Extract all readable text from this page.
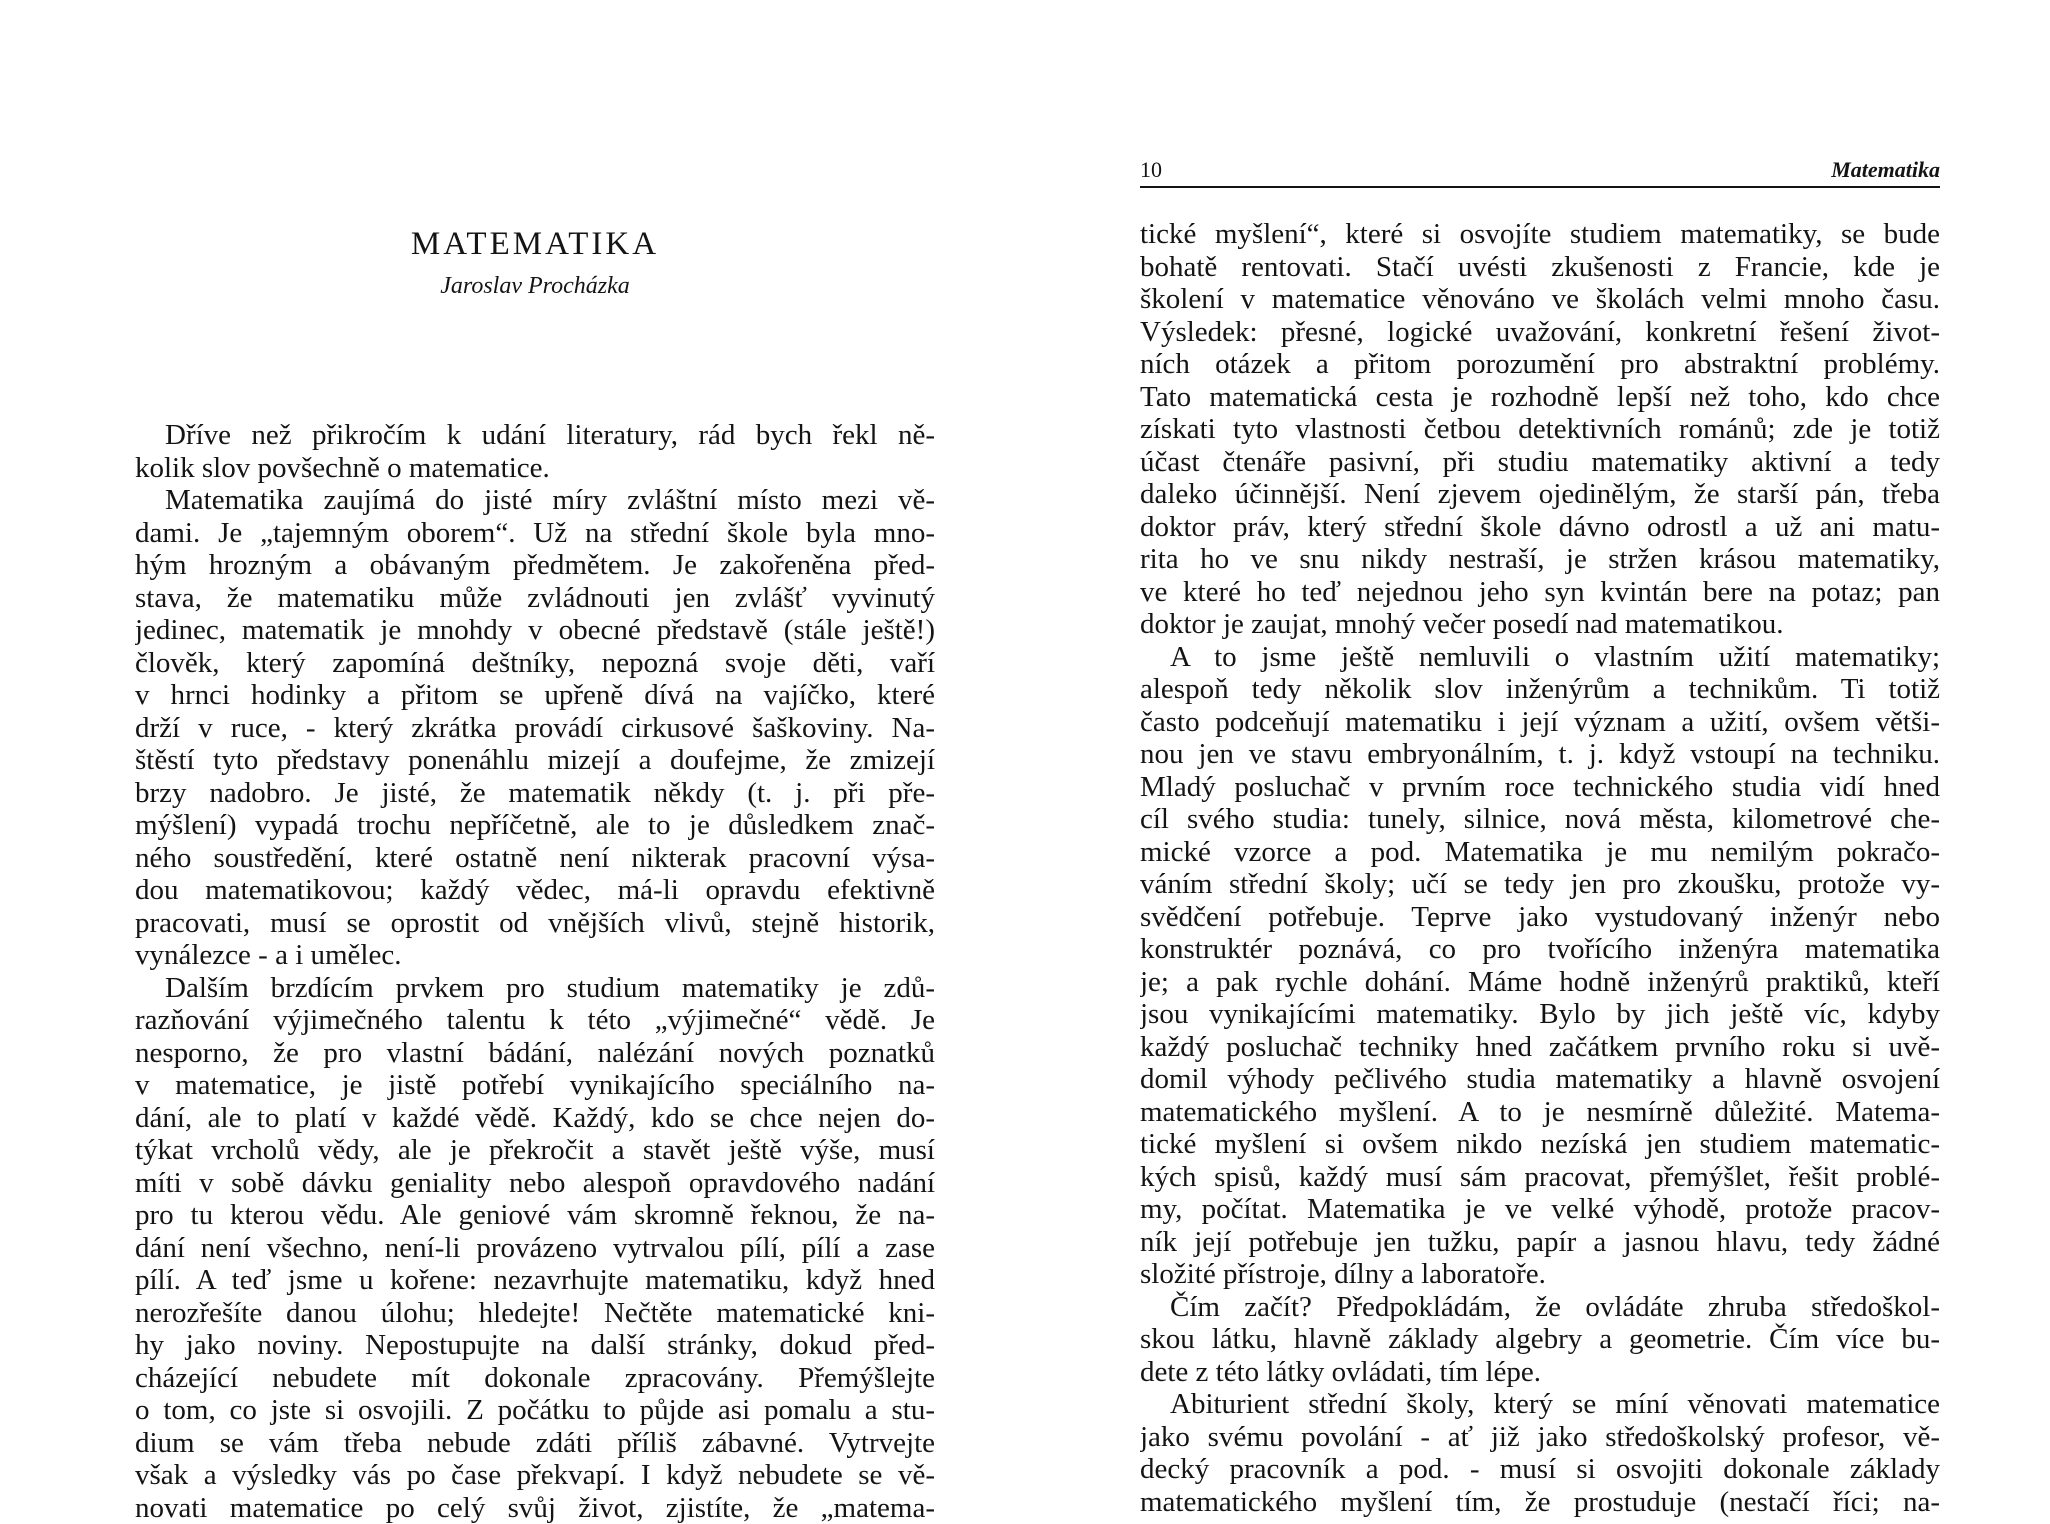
MATEMATIKA
Jaroslav Procházka
Dříve než přikročím k udání literatury, rád bych řekl ně-
kolik slov povšechně o matematice.
Matematika zaujímá do jisté míry zvláštní místo mezi vě-
dami. Je „tajemným oborem“. Už na střední škole byla mno-
hým hrozným a obávaným předmětem. Je zakořeněna před-
stava, že matematiku může zvládnouti jen zvlášť vyvinutý
jedinec, matematik je mnohdy v obecné představě (stále ještě!)
člověk, který zapomíná deštníky, nepozná svoje děti, vaří
v hrnci hodinky a přitom se upřeně dívá na vajíčko, které
drží v ruce, - který zkrátka provádí cirkusové šaškoviny. Na-
štěstí tyto představy ponenáhlu mizejí a doufejme, že zmizejí
brzy nadobro. Je jisté, že matematik někdy (t. j. při pře-
mýšlení) vypadá trochu nepříčetně, ale to je důsledkem znač-
ného soustředění, které ostatně není nikterak pracovní výsa-
dou matematikovou; každý vědec, má-li opravdu efektivně
pracovati, musí se oprostit od vnějších vlivů, stejně historik,
vynálezce - a i umělec.
Dalším brzdícím prvkem pro studium matematiky je zdů-
razňování výjimečného talentu k této „výjimečné“ vědě. Je
nesporno, že pro vlastní bádání, nalézání nových poznatků
v matematice, je jistě potřebí vynikajícího speciálního na-
dání, ale to platí v každé vědě. Každý, kdo se chce nejen do-
týkat vrcholů vědy, ale je překročit a stavět ještě výše, musí
míti v sobě dávku geniality nebo alespoň opravdového nadání
pro tu kterou vědu. Ale geniové vám skromně řeknou, že na-
dání není všechno, není-li provázeno vytrvalou pílí, pílí a zase
pílí. A teď jsme u kořene: nezavrhujte matematiku, když hned
nerozřešíte danou úlohu; hledejte! Nečtěte matematické kni-
hy jako noviny. Nepostupujte na další stránky, dokud před-
cházející nebudete mít dokonale zpracovány. Přemýšlejte
o tom, co jste si osvojili. Z počátku to půjde asi pomalu a stu-
dium se vám třeba nebude zdáti příliš zábavné. Vytrvejte
však a výsledky vás po čase překvapí. I když nebudete se vě-
novati matematice po celý svůj život, zjistíte, že „matema-
10	Matematika
tické myšlení“, které si osvojíte studiem matematiky, se bude
bohatě rentovati. Stačí uvésti zkušenosti z Francie, kde je
školení v matematice věnováno ve školách velmi mnoho času.
Výsledek: přesné, logické uvažování, konkretní řešení život-
ních otázek a přitom porozumění pro abstraktní problémy.
Tato matematická cesta je rozhodně lepší než toho, kdo chce
získati tyto vlastnosti četbou detektivních románů; zde je totiž
účast čtenáře pasivní, při studiu matematiky aktivní a tedy
daleko účinnější. Není zjevem ojedinělým, že starší pán, třeba
doktor práv, který střední škole dávno odrostl a už ani matu-
rita ho ve snu nikdy nestraší, je stržen krásou matematiky,
ve které ho teď nejednou jeho syn kvintán bere na potaz; pan
doktor je zaujat, mnohý večer posedí nad matematikou.
A to jsme ještě nemluvili o vlastním užití matematiky;
alespoň tedy několik slov inženýrům a technikům. Ti totiž
často podceňují matematiku i její význam a užití, ovšem větši-
nou jen ve stavu embryonálním, t. j. když vstoupí na techniku.
Mladý posluchač v prvním roce technického studia vidí hned
cíl svého studia: tunely, silnice, nová města, kilometrové che-
mické vzorce a pod. Matematika je mu nemilým pokračo-
váním střední školy; učí se tedy jen pro zkoušku, protože vy-
svědčení potřebuje. Teprve jako vystudovaný inženýr nebo
konstruktér poznává, co pro tvořícího inženýra matematika
je; a pak rychle dohání. Máme hodně inženýrů praktiků, kteří
jsou vynikajícími matematiky. Bylo by jich ještě víc, kdyby
každý posluchač techniky hned začátkem prvního roku si uvě-
domil výhody pečlivého studia matematiky a hlavně osvojení
matematického myšlení. A to je nesmírně důležité. Matema-
tické myšlení si ovšem nikdo nezíská jen studiem matematic-
kých spisů, každý musí sám pracovat, přemýšlet, řešit problé-
my, počítat. Matematika je ve velké výhodě, protože pracov-
ník její potřebuje jen tužku, papír a jasnou hlavu, tedy žádné
složité přístroje, dílny a laboratoře.
Čím začít? Předpokládám, že ovládáte zhruba středoškol-
skou látku, hlavně základy algebry a geometrie. Čím více bu-
dete z této látky ovládati, tím lépe.
Abiturient střední školy, který se míní věnovati matematice
jako svému povolání - ať již jako středoškolský profesor, vě-
decký pracovník a pod. - musí si osvojiti dokonale základy
matematického myšlení tím, že prostuduje (nestačí říci; na-
